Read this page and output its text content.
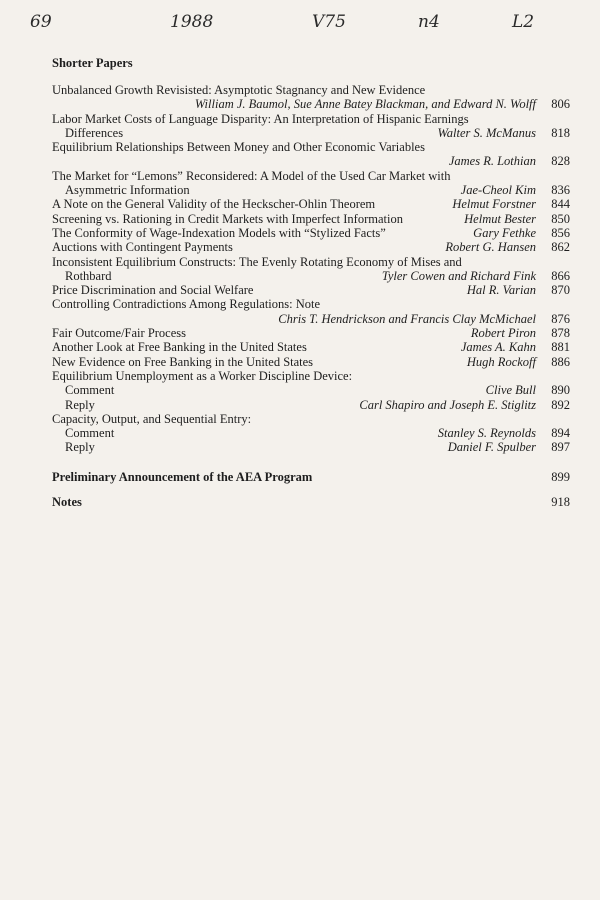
69	1988	V75	n4	L2
Shorter Papers
Unbalanced Growth Revisisted: Asymptotic Stagnancy and New Evidence
William J. Baumol, Sue Anne Batey Blackman, and Edward N. Wolff	806
Labor Market Costs of Language Disparity: An Interpretation of Hispanic Earnings
Differences	Walter S. McManus	818
Equilibrium Relationships Between Money and Other Economic Variables
James R. Lothian	828
The Market for “Lemons” Reconsidered: A Model of the Used Car Market with
Asymmetric Information	Jae-Cheol Kim	836
A Note on the General Validity of the Heckscher-Ohlin Theorem	Helmut Forstner	844
Screening vs. Rationing in Credit Markets with Imperfect Information	Helmut Bester	850
The Conformity of Wage-Indexation Models with “Stylized Facts”	Gary Fethke	856
Auctions with Contingent Payments	Robert G. Hansen	862
Inconsistent Equilibrium Constructs: The Evenly Rotating Economy of Mises and
Rothbard	Tyler Cowen and Richard Fink	866
Price Discrimination and Social Welfare	Hal R. Varian	870
Controlling Contradictions Among Regulations: Note
Chris T. Hendrickson and Francis Clay McMichael	876
Fair Outcome/Fair Process	Robert Piron	878
Another Look at Free Banking in the United States	James A. Kahn	881
New Evidence on Free Banking in the United States	Hugh Rockoff	886
Equilibrium Unemployment as a Worker Discipline Device:
Comment	Clive Bull	890
Reply	Carl Shapiro and Joseph E. Stiglitz	892
Capacity, Output, and Sequential Entry:
Comment	Stanley S. Reynolds	894
Reply	Daniel F. Spulber	897
Preliminary Announcement of the AEA Program	899
Notes	918
